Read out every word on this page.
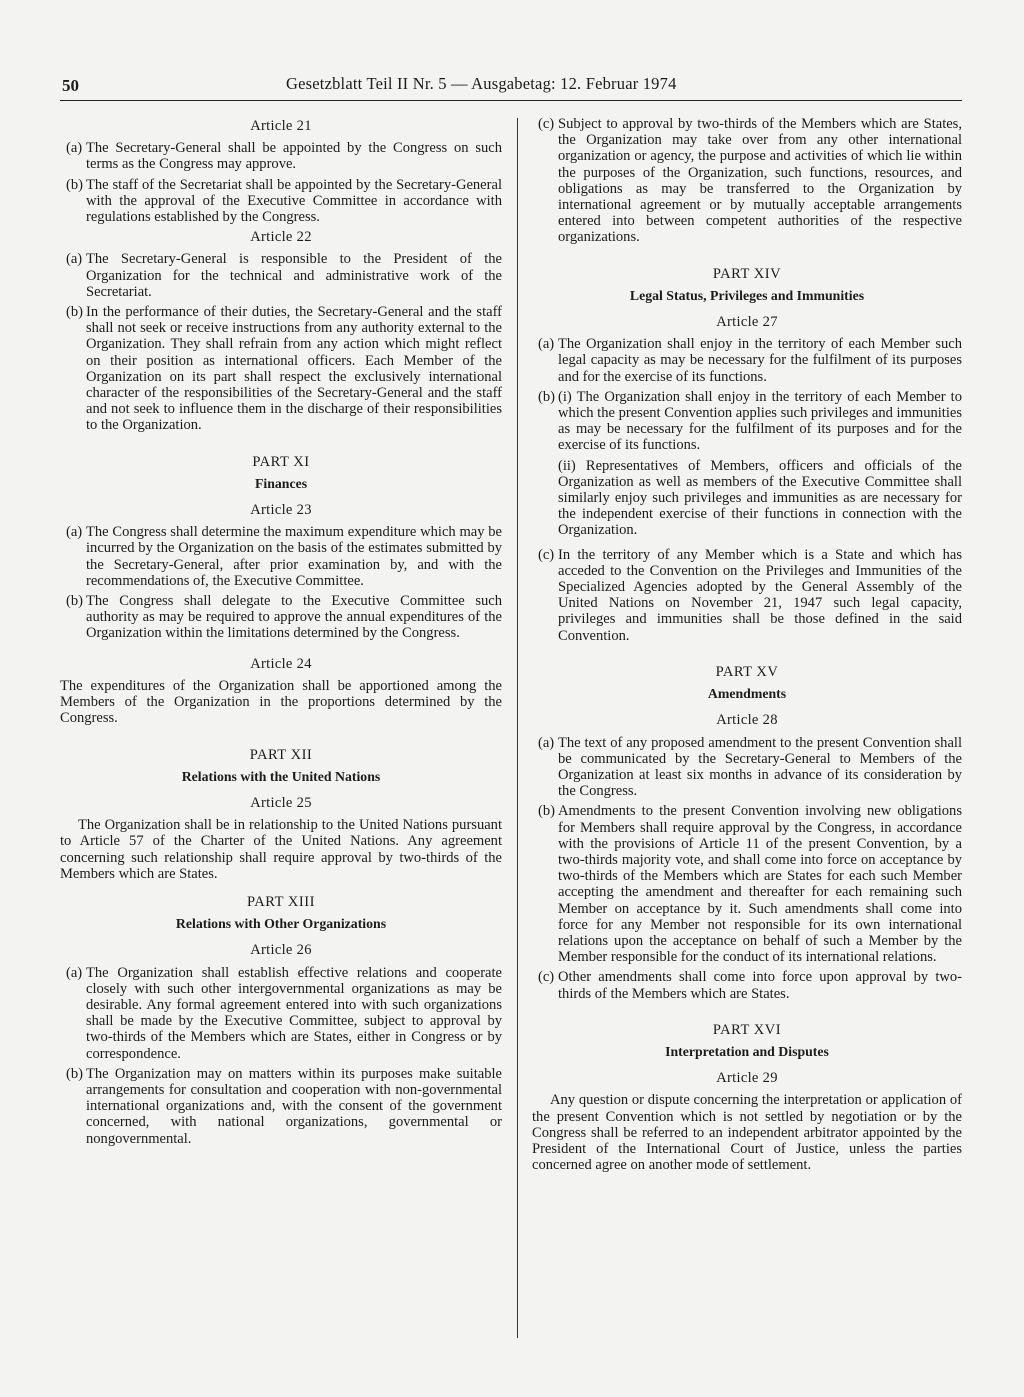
50	Gesetzblatt Teil II Nr. 5 — Ausgabetag: 12. Februar 1974
Article 21
(a) The Secretary-General shall be appointed by the Congress on such terms as the Congress may approve.
(b) The staff of the Secretariat shall be appointed by the Secretary-General with the approval of the Executive Committee in accordance with regulations established by the Congress.
Article 22
(a) The Secretary-General is responsible to the President of the Organization for the technical and administrative work of the Secretariat.
(b) In the performance of their duties, the Secretary-General and the staff shall not seek or receive instructions from any authority external to the Organization. They shall refrain from any action which might reflect on their position as international officers. Each Member of the Organization on its part shall respect the exclusively international character of the responsibilities of the Secretary-General and the staff and not seek to influence them in the discharge of their responsibilities to the Organization.
PART XI
Finances
Article 23
(a) The Congress shall determine the maximum expenditure which may be incurred by the Organization on the basis of the estimates submitted by the Secretary-General, after prior examination by, and with the recommendations of, the Executive Committee.
(b) The Congress shall delegate to the Executive Committee such authority as may be required to approve the annual expenditures of the Organization within the limitations determined by the Congress.
Article 24
The expenditures of the Organization shall be apportioned among the Members of the Organization in the proportions determined by the Congress.
PART XII
Relations with the United Nations
Article 25
The Organization shall be in relationship to the United Nations pursuant to Article 57 of the Charter of the United Nations. Any agreement concerning such relationship shall require approval by two-thirds of the Members which are States.
PART XIII
Relations with Other Organizations
Article 26
(a) The Organization shall establish effective relations and cooperate closely with such other intergovernmental organizations as may be desirable. Any formal agreement entered into with such organizations shall be made by the Executive Committee, subject to approval by two-thirds of the Members which are States, either in Congress or by correspondence.
(b) The Organization may on matters within its purposes make suitable arrangements for consultation and cooperation with non-governmental international organizations and, with the consent of the government concerned, with national organizations, governmental or nongovernmental.
(c) Subject to approval by two-thirds of the Members which are States, the Organization may take over from any other international organization or agency, the purpose and activities of which lie within the purposes of the Organization, such functions, resources, and obligations as may be transferred to the Organization by international agreement or by mutually acceptable arrangements entered into between competent authorities of the respective organizations.
PART XIV
Legal Status, Privileges and Immunities
Article 27
(a) The Organization shall enjoy in the territory of each Member such legal capacity as may be necessary for the fulfilment of its purposes and for the exercise of its functions.
(b) (i) The Organization shall enjoy in the territory of each Member to which the present Convention applies such privileges and immunities as may be necessary for the fulfilment of its purposes and for the exercise of its functions.
(ii) Representatives of Members, officers and officials of the Organization as well as members of the Executive Committee shall similarly enjoy such privileges and immunities as are necessary for the independent exercise of their functions in connection with the Organization.
(c) In the territory of any Member which is a State and which has acceded to the Convention on the Privileges and Immunities of the Specialized Agencies adopted by the General Assembly of the United Nations on November 21, 1947 such legal capacity, privileges and immunities shall be those defined in the said Convention.
PART XV
Amendments
Article 28
(a) The text of any proposed amendment to the present Convention shall be communicated by the Secretary-General to Members of the Organization at least six months in advance of its consideration by the Congress.
(b) Amendments to the present Convention involving new obligations for Members shall require approval by the Congress, in accordance with the provisions of Article 11 of the present Convention, by a two-thirds majority vote, and shall come into force on acceptance by two-thirds of the Members which are States for each such Member accepting the amendment and thereafter for each remaining such Member on acceptance by it. Such amendments shall come into force for any Member not responsible for its own international relations upon the acceptance on behalf of such a Member by the Member responsible for the conduct of its international relations.
(c) Other amendments shall come into force upon approval by two-thirds of the Members which are States.
PART XVI
Interpretation and Disputes
Article 29
Any question or dispute concerning the interpretation or application of the present Convention which is not settled by negotiation or by the Congress shall be referred to an independent arbitrator appointed by the President of the International Court of Justice, unless the parties concerned agree on another mode of settlement.
